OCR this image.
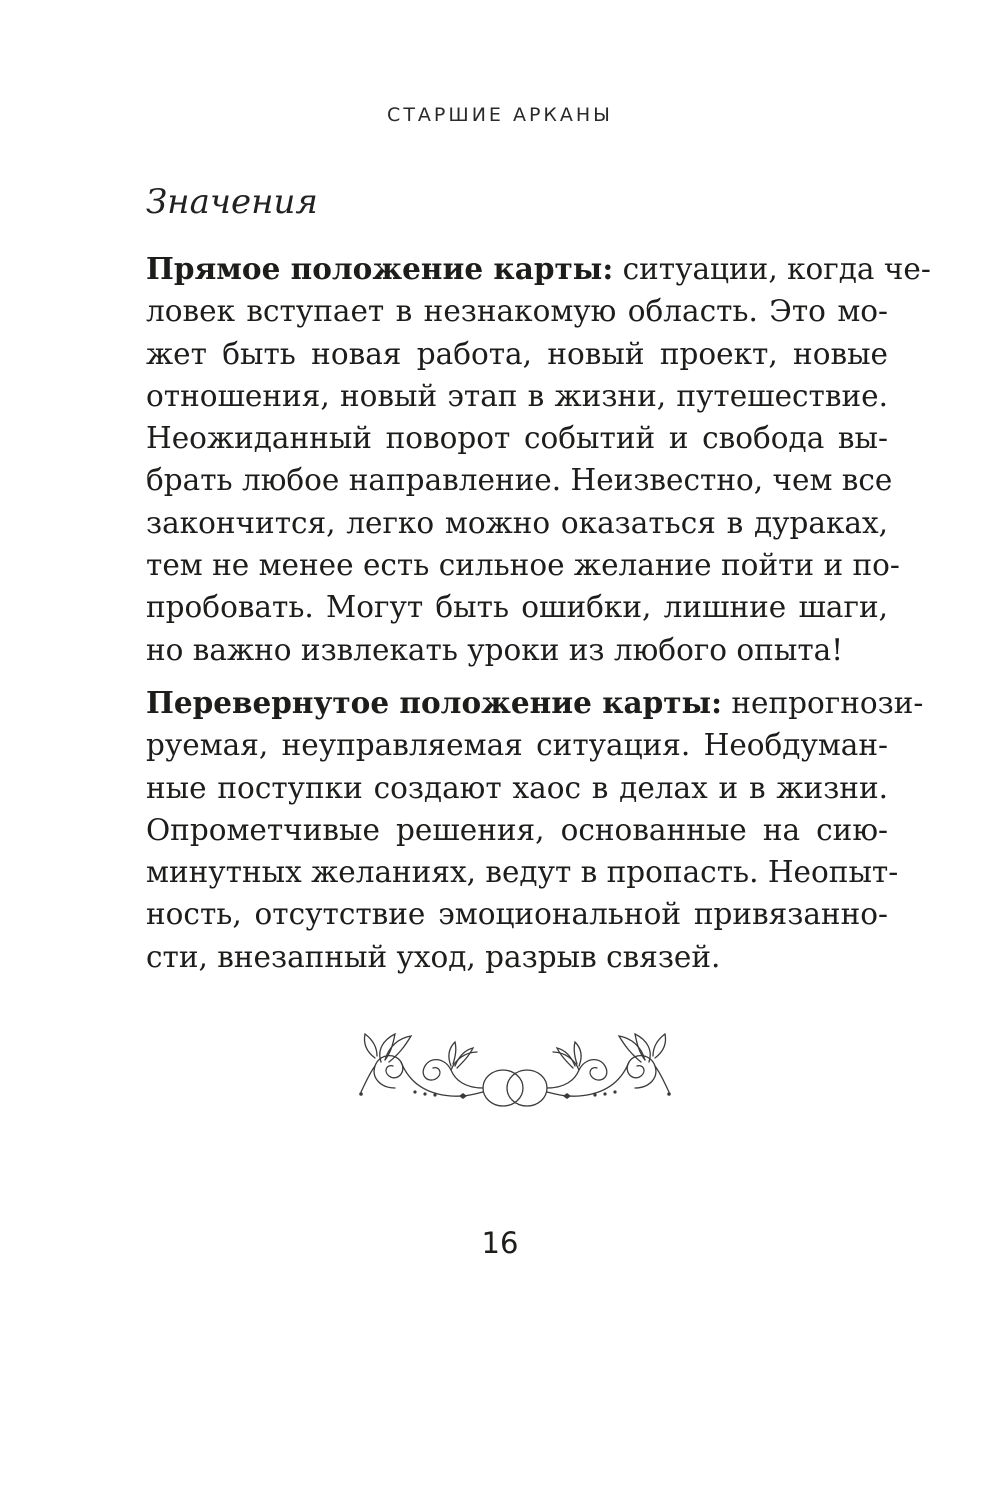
СТАРШИЕ АРКАНЫ
Значения
Прямое положение карты: ситуации, когда че-
ловек вступает в незнакомую область. Это мо-
жет быть новая работа, новый проект, новые
отношения, новый этап в жизни, путешествие.
Неожиданный поворот событий и свобода вы-
брать любое направление. Неизвестно, чем все
закончится, легко можно оказаться в дураках,
тем не менее есть сильное желание пойти и по-
пробовать. Могут быть ошибки, лишние шаги,
но важно извлекать уроки из любого опыта!
Перевернутое положение карты: непрогнози-
руемая, неуправляемая ситуация. Необдуман-
ные поступки создают хаос в делах и в жизни.
Опрометчивые решения, основанные на сию-
минутных желаниях, ведут в пропасть. Неопыт-
ность, отсутствие эмоциональной привязанно-
сти, внезапный уход, разрыв связей.
16
